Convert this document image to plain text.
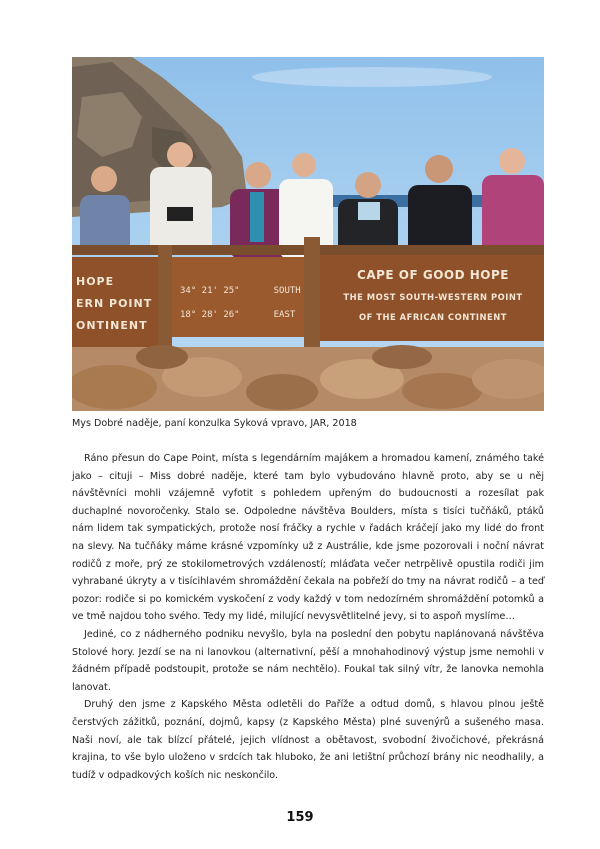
HOPE
ERN POINT
ONTINENT
34° 21' 25"	SOUTH
18° 28' 26"	EAST
CAPE OF GOOD HOPE
THE MOST SOUTH-WESTERN POINT
OF THE AFRICAN CONTINENT
Mys Dobré naděje, paní konzulka Syková vpravo, JAR, 2018

Ráno přesun do Cape Point, místa s legendárním majákem a hromadou kamení, známého také jako – cituji – Miss dobré naděje, které tam bylo vybudováno hlavně proto, aby se u něj návštěvníci mohli vzájemně vyfotit s pohledem upřeným do budoucnosti a rozesílat pak duchaplné novoročenky. Stalo se. Odpoledne návštěva Boulders, místa s tisíci tučňáků, ptáků nám lidem tak sympatických, protože nosí fráčky a rychle v řadách kráčejí jako my lidé do front na slevy. Na tučňáky máme krásné vzpomínky už z Austrálie, kde jsme pozorovali i noční návrat rodičů z moře, prý ze stokilometrových vzdáleností; mláďata večer netrpělivě opustila rodiči jim vyhrabané úkryty a v tisícihlavém shromáždění čekala na pobřeží do tmy na návrat rodičů – a teď pozor: rodiče si po komickém vyskočení z vody každý v tom nedozírném shromáždění potomků a ve tmě najdou toho svého. Tedy my lidé, milující nevysvětlitelné jevy, si to aspoň myslíme…

Jediné, co z nádherného podniku nevyšlo, byla na poslední den pobytu naplánovaná návštěva Stolové hory. Jezdí se na ni lanovkou (alternativní, pěší a mnohahodinový výstup jsme nemohli v žádném případě podstoupit, protože se nám nechtělo). Foukal tak silný vítr, že lanovka nemohla lanovat.

Druhý den jsme z Kapského Města odletěli do Paříže a odtud domů, s hlavou plnou ještě čerstvých zážitků, poznání, dojmů, kapsy (z Kapského Města) plné suvenýrů a sušeného masa. Naši noví, ale tak blízcí přátelé, jejich vlídnost a obětavost, svobodní živočichové, překrásná krajina, to vše bylo uloženo v srdcích tak hluboko, že ani letištní průchozí brány nic neodhalily, a tudíž v odpadkových koších nic neskončilo.

159
